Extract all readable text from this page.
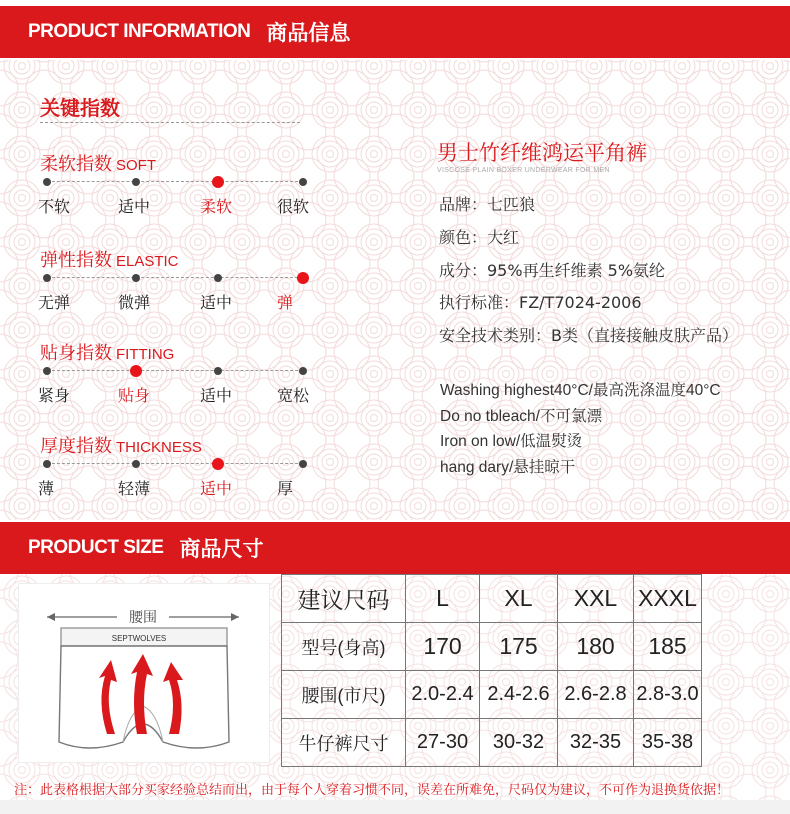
PRODUCT INFORMATION 商品信息
关键指数
柔软指数 SOFT
不软	适中	柔软	很软
弹性指数 ELASTIC
无弹	微弹	适中	弹
贴身指数 FITTING
紧身	贴身	适中	宽松
厚度指数 THICKNESS
薄	轻薄	适中	厚
男士竹纤维鸿运平角裤
VISCOSE PLAIN BOXER UNDERWEAR FOR MEN
品牌：七匹狼
颜色：大红
成分：95%再生纤维素 5%氨纶
执行标准：FZ/T7024-2006
安全技术类别：B类（直接接触皮肤产品）
Washing highest40°C/最高洗涤温度40°C
Do no tbleach/不可氯漂
Iron on low/低温熨烫
hang dary/悬挂晾干
PRODUCT SIZE 商品尺寸
腰围
SEPTWOLVES
建议尺码	L	XL	XXL	XXXL
型号(身高)	170	175	180	185
腰围(市尺)	2.0-2.4	2.4-2.6	2.6-2.8	2.8-3.0
牛仔裤尺寸	27-30	30-32	32-35	35-38
注：此表格根据大部分买家经验总结而出，由于每个人穿着习惯不同，误差在所难免，尺码仅为建议，不可作为退换货依据！
